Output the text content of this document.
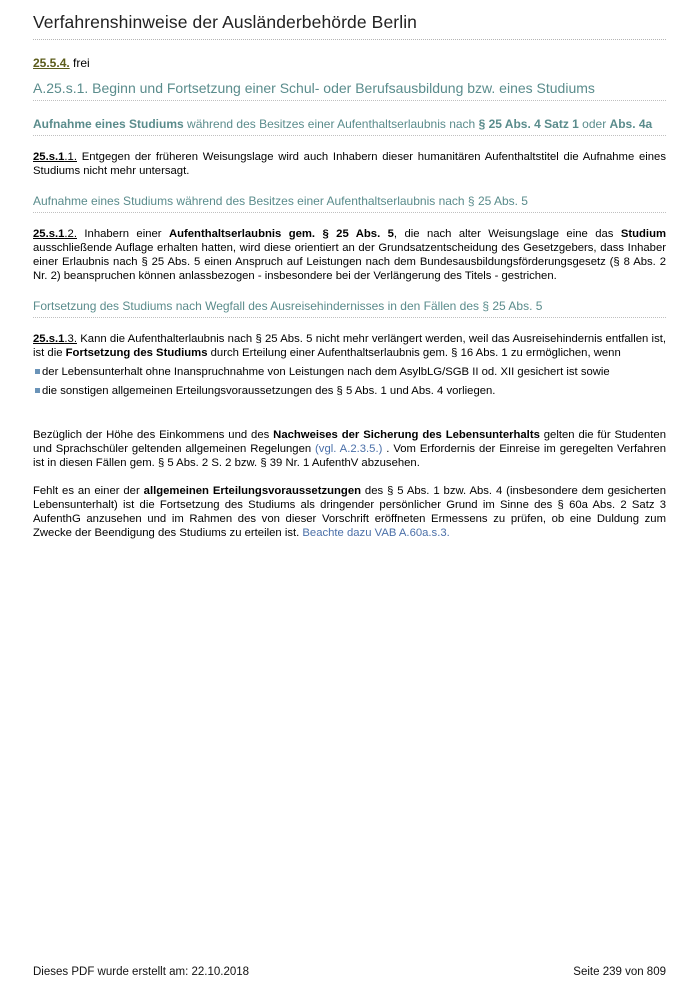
Verfahrenshinweise der Ausländerbehörde Berlin
25.5.4. frei
A.25.s.1. Beginn und Fortsetzung einer Schul- oder Berufsausbildung bzw. eines Studiums
Aufnahme eines Studiums während des Besitzes einer Aufenthaltserlaubnis nach § 25 Abs. 4 Satz 1 oder Abs. 4a
25.s.1.1. Entgegen der früheren Weisungslage wird auch Inhabern dieser humanitären Aufenthaltstitel die Aufnahme eines Studiums nicht mehr untersagt.
Aufnahme eines Studiums während des Besitzes einer Aufenthaltserlaubnis nach § 25 Abs. 5
25.s.1.2. Inhabern einer Aufenthaltserlaubnis gem. § 25 Abs. 5, die nach alter Weisungslage eine das Studium ausschließende Auflage erhalten hatten, wird diese orientiert an der Grundsatzentscheidung des Gesetzgebers, dass Inhaber einer Erlaubnis nach § 25 Abs. 5 einen Anspruch auf Leistungen nach dem Bundesausbildungsförderungsgesetz (§ 8 Abs. 2 Nr. 2) beanspruchen können anlassbezogen - insbesondere bei der Verlängerung des Titels - gestrichen.
Fortsetzung des Studiums nach Wegfall des Ausreisehindernisses in den Fällen des § 25 Abs. 5
25.s.1.3. Kann die Aufenthalterlaubnis nach § 25 Abs. 5 nicht mehr verlängert werden, weil das Ausreisehindernis entfallen ist, ist die Fortsetzung des Studiums durch Erteilung einer Aufenthaltserlaubnis gem. § 16 Abs. 1 zu ermöglichen, wenn
der Lebensunterhalt ohne Inanspruchnahme von Leistungen nach dem AsylbLG/SGB II od. XII gesichert ist sowie
die sonstigen allgemeinen Erteilungsvoraussetzungen des § 5 Abs. 1 und Abs. 4 vorliegen.
Bezüglich der Höhe des Einkommens und des Nachweises der Sicherung des Lebensunterhalts gelten die für Studenten und Sprachschüler geltenden allgemeinen Regelungen (vgl. A.2.3.5.) . Vom Erfordernis der Einreise im geregelten Verfahren ist in diesen Fällen gem. § 5 Abs. 2 S. 2 bzw. § 39 Nr. 1 AufenthV abzusehen.
Fehlt es an einer der allgemeinen Erteilungsvoraussetzungen des § 5 Abs. 1 bzw. Abs. 4 (insbesondere dem gesicherten Lebensunterhalt) ist die Fortsetzung des Studiums als dringender persönlicher Grund im Sinne des § 60a Abs. 2 Satz 3 AufenthG anzusehen und im Rahmen des von dieser Vorschrift eröffneten Ermessens zu prüfen, ob eine Duldung zum Zwecke der Beendigung des Studiums zu erteilen ist. Beachte dazu VAB A.60a.s.3.
Dieses PDF wurde erstellt am: 22.10.2018	Seite 239 von 809
